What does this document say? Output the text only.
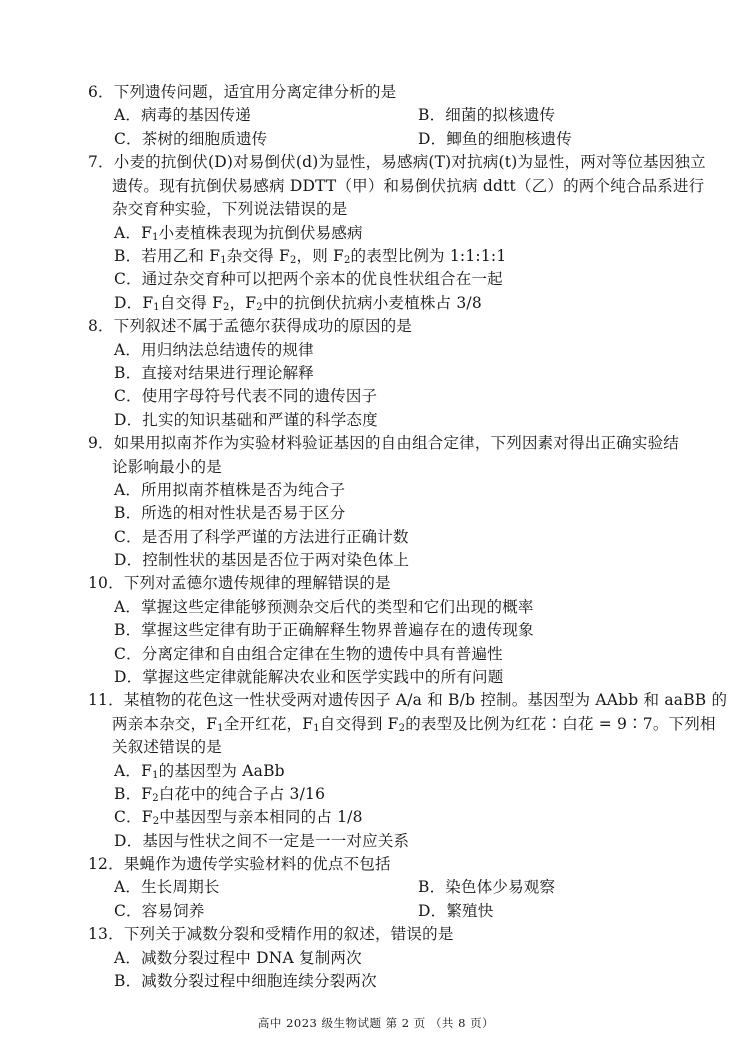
6．下列遗传问题，适宜用分离定律分析的是
A．病毒的基因传递	B．细菌的拟核遗传
C．茶树的细胞质遗传	D．鲫鱼的细胞核遗传
7．小麦的抗倒伏(D)对易倒伏(d)为显性，易感病(T)对抗病(t)为显性，两对等位基因独立
遗传。现有抗倒伏易感病 DDTT（甲）和易倒伏抗病 ddtt（乙）的两个纯合品系进行
杂交育种实验，下列说法错误的是
A．$F_1$小麦植株表现为抗倒伏易感病
B．若用乙和 $F_1$杂交得 $F_2$，则 $F_2$的表型比例为 1:1:1:1
C．通过杂交育种可以把两个亲本的优良性状组合在一起
D．$F_1$自交得 $F_2$，$F_2$中的抗倒伏抗病小麦植株占 3/8
8．下列叙述不属于孟德尔获得成功的原因的是
A．用归纳法总结遗传的规律
B．直接对结果进行理论解释
C．使用字母符号代表不同的遗传因子
D．扎实的知识基础和严谨的科学态度
9．如果用拟南芥作为实验材料验证基因的自由组合定律，下列因素对得出正确实验结
论影响最小的是
A．所用拟南芥植株是否为纯合子
B．所选的相对性状是否易于区分
C．是否用了科学严谨的方法进行正确计数
D．控制性状的基因是否位于两对染色体上
10．下列对孟德尔遗传规律的理解错误的是
A．掌握这些定律能够预测杂交后代的类型和它们出现的概率
B．掌握这些定律有助于正确解释生物界普遍存在的遗传现象
C．分离定律和自由组合定律在生物的遗传中具有普遍性
D．掌握这些定律就能解决农业和医学实践中的所有问题
11．某植物的花色这一性状受两对遗传因子 A/a 和 B/b 控制。基因型为 AAbb 和 aaBB 的
两亲本杂交，$F_1$全开红花，$F_1$自交得到 $F_2$的表型及比例为红花∶白花 = 9∶7。下列相
关叙述错误的是
A．$F_1$的基因型为 AaBb
B．$F_2$白花中的纯合子占 3/16
C．$F_2$中基因型与亲本相同的占 1/8
D．基因与性状之间不一定是一一对应关系
12．果蝇作为遗传学实验材料的优点不包括
A．生长周期长	B．染色体少易观察
C．容易饲养	D．繁殖快
13．下列关于减数分裂和受精作用的叙述，错误的是
A．减数分裂过程中 DNA 复制两次
B．减数分裂过程中细胞连续分裂两次
高中 2023 级生物试题 第 2 页 （共 8 页）
